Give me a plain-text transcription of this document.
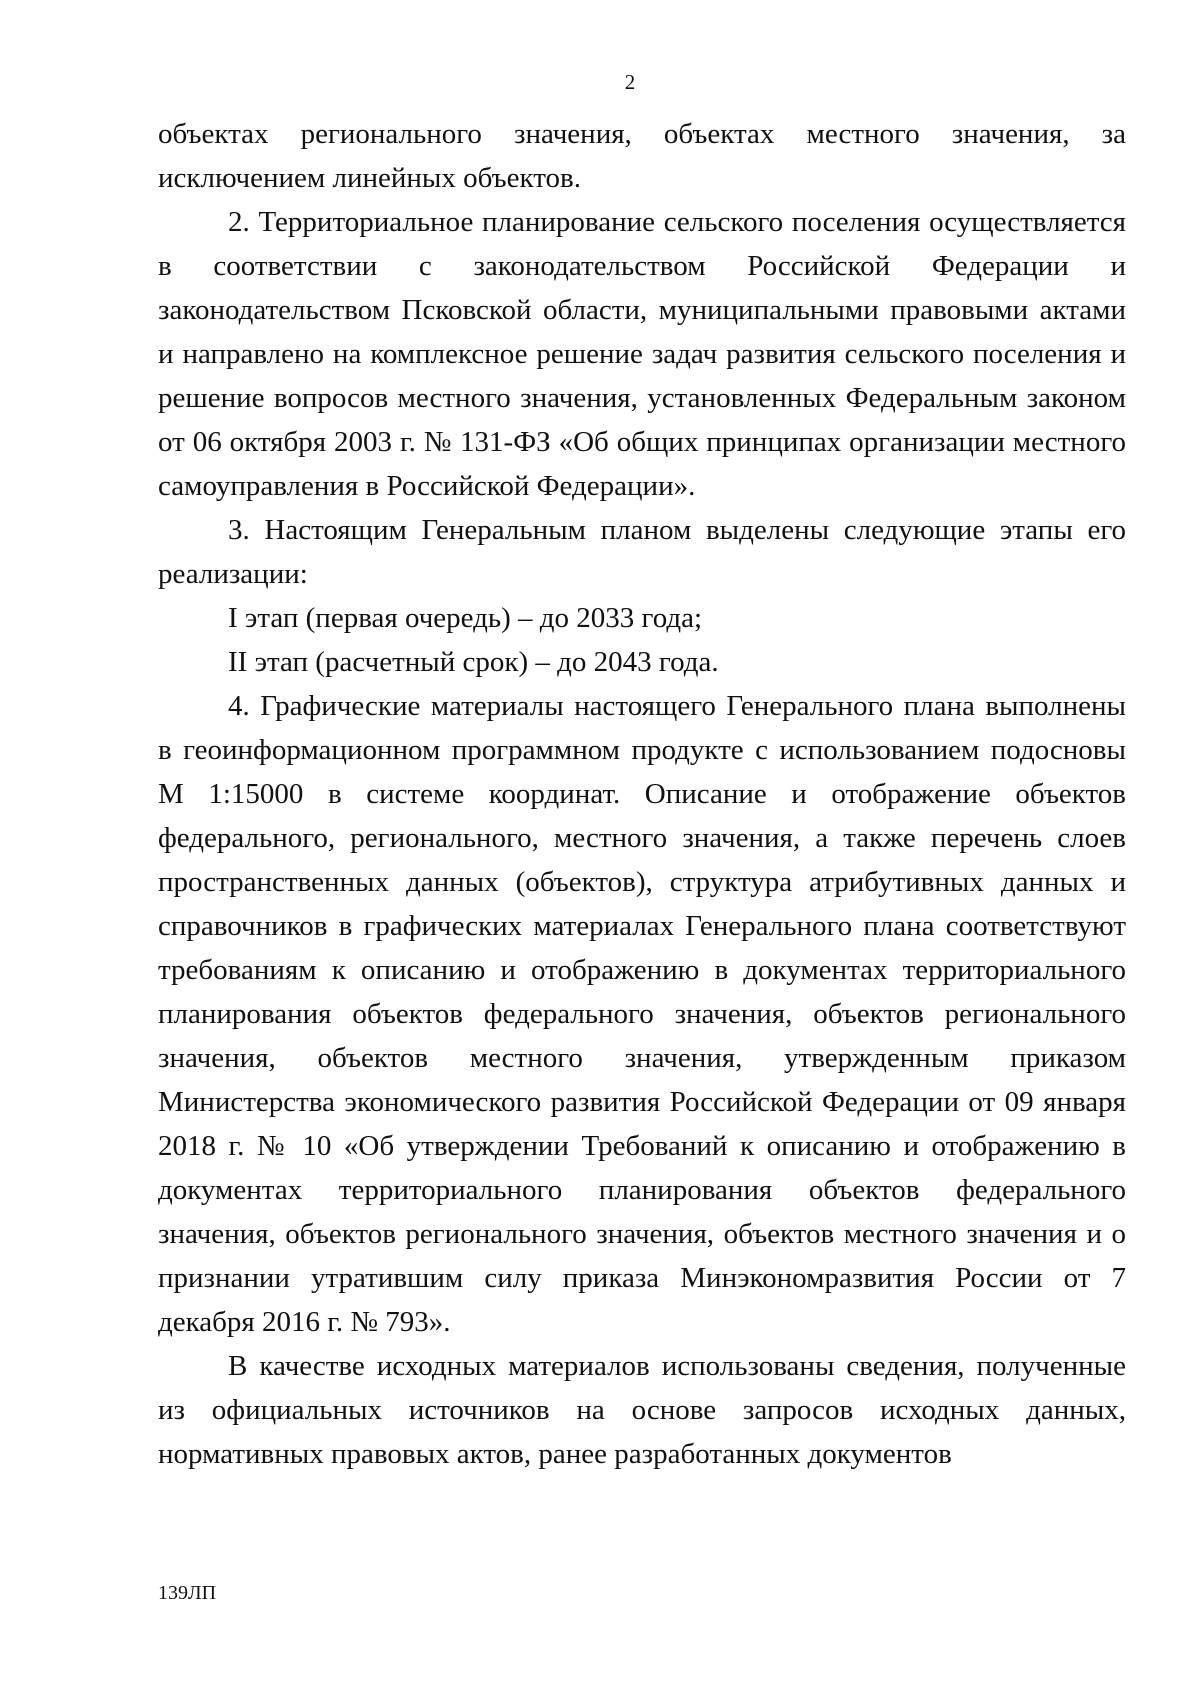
2

объектах регионального значения, объектах местного значения, за исключением линейных объектов.

2. Территориальное планирование сельского поселения осуществляется в соответствии с законодательством Российской Федерации и законодательством Псковской области, муниципальными правовыми актами и направлено на комплексное решение задач развития сельского поселения и решение вопросов местного значения, установленных Федеральным законом от 06 октября 2003 г. № 131-ФЗ «Об общих принципах организации местного самоуправления в Российской Федерации».

3. Настоящим Генеральным планом выделены следующие этапы его реализации:

I этап (первая очередь) – до 2033 года;

II этап (расчетный срок) – до 2043 года.

4. Графические материалы настоящего Генерального плана выполнены в геоинформационном программном продукте с использованием подосновы М 1:15000 в системе координат. Описание и отображение объектов федерального, регионального, местного значения, а также перечень слоев пространственных данных (объектов), структура атрибутивных данных и справочников в графических материалах Генерального плана соответствуют требованиям к описанию и отображению в документах территориального планирования объектов федерального значения, объектов регионального значения, объектов местного значения, утвержденным приказом Министерства экономического развития Российской Федерации от 09 января 2018 г. № 10 «Об утверждении Требований к описанию и отображению в документах территориального планирования объектов федерального значения, объектов регионального значения, объектов местного значения и о признании утратившим силу приказа Минэкономразвития России от 7 декабря 2016 г. № 793».

В качестве исходных материалов использованы сведения, полученные из официальных источников на основе запросов исходных данных, нормативных правовых актов, ранее разработанных документов

139ЛП
